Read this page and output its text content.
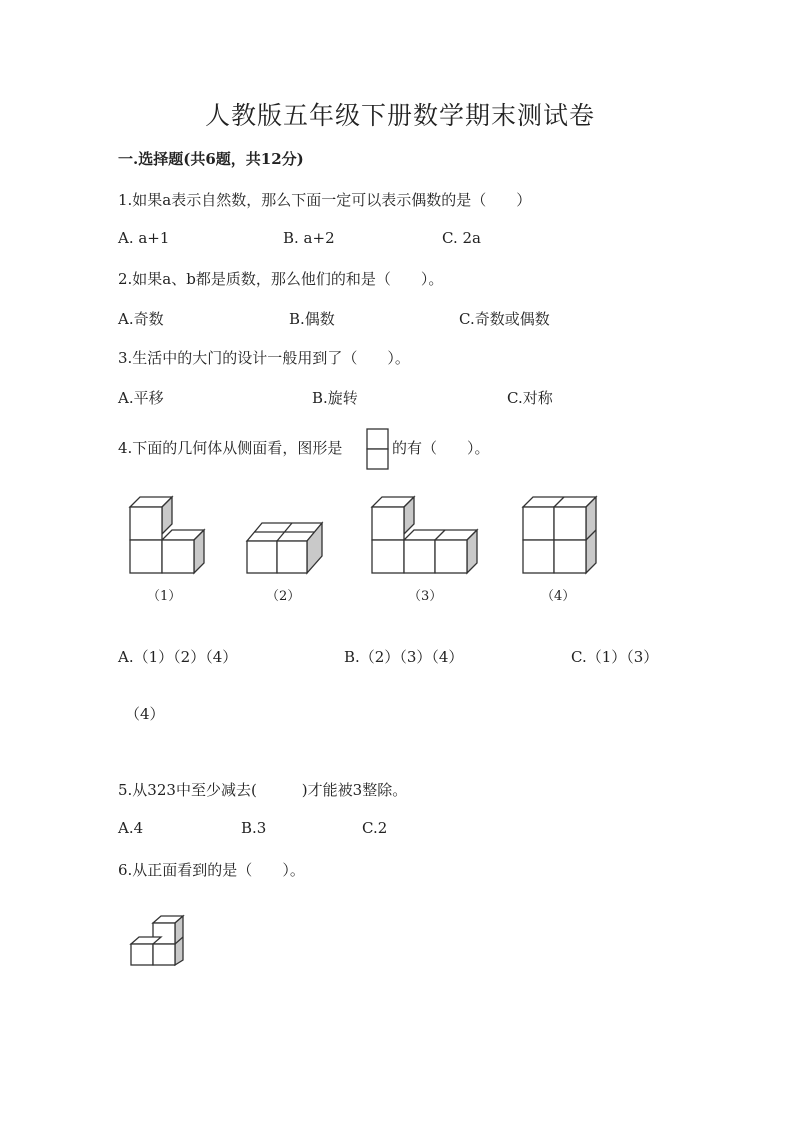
人教版五年级下册数学期末测试卷
一.选择题(共6题，共12分)
1.如果a表示自然数，那么下面一定可以表示偶数的是（　　）
A. a+1	B. a+2	C. 2a
2.如果a、b都是质数，那么他们的和是（　　）。
A.奇数	B.偶数	C.奇数或偶数
3.生活中的大门的设计一般用到了（　　）。
A.平移	B.旋转	C.对称
4.下面的几何体从侧面看，图形是	的有（　　）。
（1）	（2）	（3）	（4）
A.（1）（2）（4）	B.（2）（3）（4）	C.（1）（3）
（4）
5.从323中至少减去(　　　)才能被3整除。
A.4	B.3	C.2
6.从正面看到的是（　　）。
